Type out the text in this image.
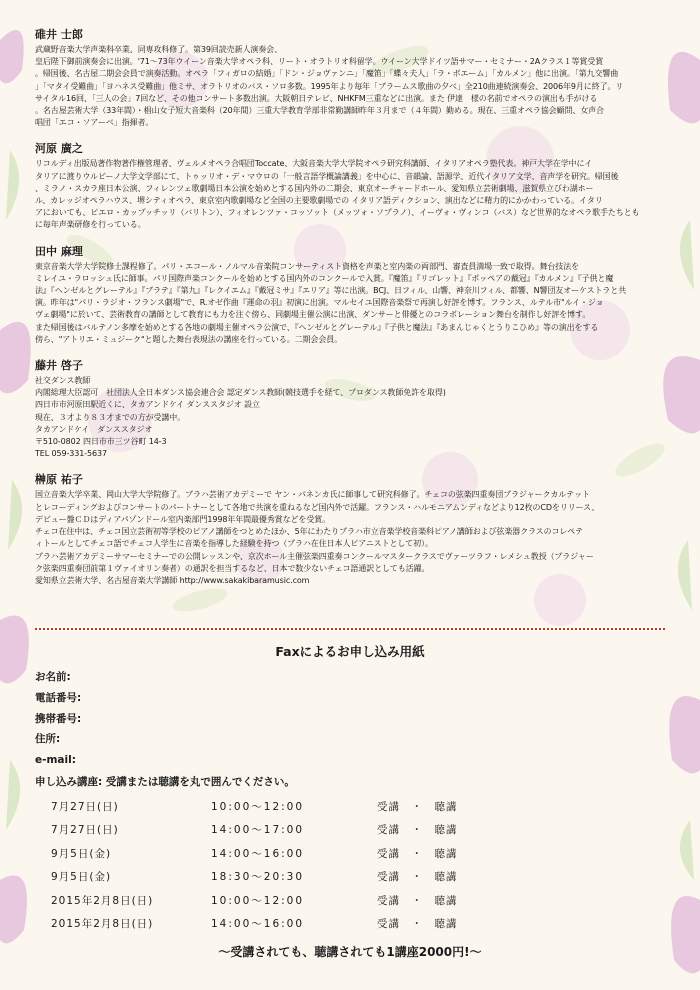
碓井 士郎
武蔵野音楽大学声楽科卒業、同専攻科修了。第39回読売新人演奏会、
皇后陛下御前演奏会に出演。'71〜73年ウイーン音楽大学オペラ科、リート・オラトリオ科留学。ウイーン大学ドイツ語サマー・セミナー・2Aクラス１等賞受賞
。帰国後、名古屋二期会会員で演奏活動。オペラ「フィガロの結婚」「ドン・ジョヴァンニ」「魔笛」「蝶々夫人」「ラ・ボエーム」「カルメン」他に出演。「第九交響曲
」「マタイ受難曲」「ヨハネス受難曲」他ミサ、オラトリオのバス・ソロ多数。1995年より毎年「ブラームス歌曲の夕べ」全210曲連続演奏会、2006年9月に終了。リ
サイタル16回、「三人の会」7回など、その他コンサート多数出演。大阪朝日テレビ、NHKFM三重などに出演。また 伊達　様の名前でオペラの演出も手がける
。名古屋芸術大学（33年間）・椙山女子短大音楽科（20年間）三重大学教育学部非常勤講師昨年３月まで（４年間）勤める。現在、三重オペラ協会顧問、女声合
唱団「エコ・ソアーベ」指揮者。
河原 廣之
リコルディ出版局著作物著作権管理者、ヴェルメオペラ合唱団Toccate、大阪音楽大学大学院オペラ研究科講師、イタリアオペラ塾代表。神戸大学在学中にイ
タリアに渡りウルビーノ大学文学部にて、トゥッリオ・デ・マウロの「一般言語学概論講義」を中心に、音韻論、語源学、近代イタリア文学、音声学を研究。帰国後
、ミラノ・スカラ座日本公演、フィレンツェ歌劇場日本公演を始めとする国内外の二期会、東京オーチャードホール、愛知県立芸術劇場、滋賀県立びわ湖ホー
ル、カレッジオペラハウス、堺シティオペラ、東京室内歌劇場など全国の主要歌劇場での イタリア語ディクション、演出などに精力的にかかわっている。イタリ
アにおいても、ピエロ・カップッチッリ（バリトン）、フィオレンツァ・コッソット（メッツォ・ソプラノ）、イーヴォ・ヴィンコ（バス）など世界的なオペラ歌手たちとも
に毎年声楽研修を行っている。
田中 麻理
東京音楽大学大学院修士課程修了。パリ・エコール・ノルマル音楽院コンサーティスト資格を声楽と室内楽の両部門、審査員満場一致で取得。舞台技法を
ミレイユ・ラロッシュ氏に師事。パリ国際声楽コンクールを始めとする国内外のコンクールで入賞。『魔笛』『リゴレット』『ポッペアの戴冠』『カルメン』『子供と魔
法』『ヘンゼルとグレーテル』『ブラテ』『第九』『レクイエム』『戴冠ミサ』『エリア』等に出演。BCJ、日フィル、山響、神奈川フィル、都響、N響団友オーケストラと共
演。昨年は"パリ・ラジオ・フランス劇場"で、R.オゼ作曲『運命の羽』初演に出演。マルセイユ国際音楽祭で再演し好評を博す。フランス、ルテル市"ルイ・ジョ
ヴェ劇場"に於いて、芸術教育の講師として教育にも力を注ぐ傍ら、同劇場主催公演に出演、ダンサーと俳優とのコラボレーション舞台を制作し好評を博す。
また帰国後はバルテノン多摩を始めとする各地の劇場主催オペラ公演で、『ヘンゼルとグレーテル』『子供と魔法』『あまんじゃくとうりこひめ』等の演出をする
傍ら、"アトリエ・ミュジーク"と題した舞台表現法の講座を行っている。二期会会員。
藤井 啓子
社交ダンス教師
内閣総理大臣認可　社団法人全日本ダンス協会連合会 認定ダンス教師(競技選手を経て、プロダンス教師免許を取得)
四日市市河原田駅近くに、タカアンドケイ ダンススタジオ 設立
現在、３才より８３才までの方が受講中。
タカアンドケイ　ダンススタジオ
〒510-0802 四日市市三ツ谷町 14-3
TEL 059-331-5637
榊原 祐子
国立音楽大学卒業、岡山大学大学院修了。プラハ芸術アカデミーで ヤン・パネンカ氏に師事して研究科修了。チェコの弦楽四重奏団プラジャークカルテット
とレコーディングおよびコンサートのパートナーとして各地で共演を重ねるなど国内外で活躍。フランス・ハルモニアムンディなどより12枚のCDをリリース、
デビュー盤ＣＤはディアパゾンドール室内楽部門1998年年間最優秀賞などを受賞。
チェコ在住中は、チェコ国立芸術初等学校のピアノ講師をつとめたほか、5年にわたりプラハ市立音楽学校音楽科ピアノ講師および弦楽器クラスのコレペテ
ィトールとしてチェコ語でチェコ人学生に音楽を指導した経験を持つ（プラハ在住日本人ピアニストとして初）。
プラハ芸術アカデミーサマーセミナーでの公開レッスンや、京次ホール主催弦楽四重奏コンクールマスタークラスでヴァーツラフ・レメシュ教授（プラジャー
ク弦楽四重奏団前第１ヴァイオリン奏者）の通訳を担当するなど、日本で数少ないチェコ語通訳としても活躍。
愛知県立芸術大学、名古屋音楽大学講師 http://www.sakakibaramusic.com
Faxによるお申し込み用紙
お名前:
電話番号:
携帯番号:
住所:
e-mail:
申し込み講座: 受講または聴講を丸で囲んでください。
7月27日(日)	10:00〜12:00	受講　・　聴講
7月27日(日)	14:00〜17:00	受講　・　聴講
9月5日(金)	14:00〜16:00	受講　・　聴講
9月5日(金)	18:30〜20:30	受講　・　聴講
2015年2月8日(日)	10:00〜12:00	受講　・　聴講
2015年2月8日(日)	14:00〜16:00	受講　・　聴講
〜受講されても、聴講されても1講座2000円!〜
